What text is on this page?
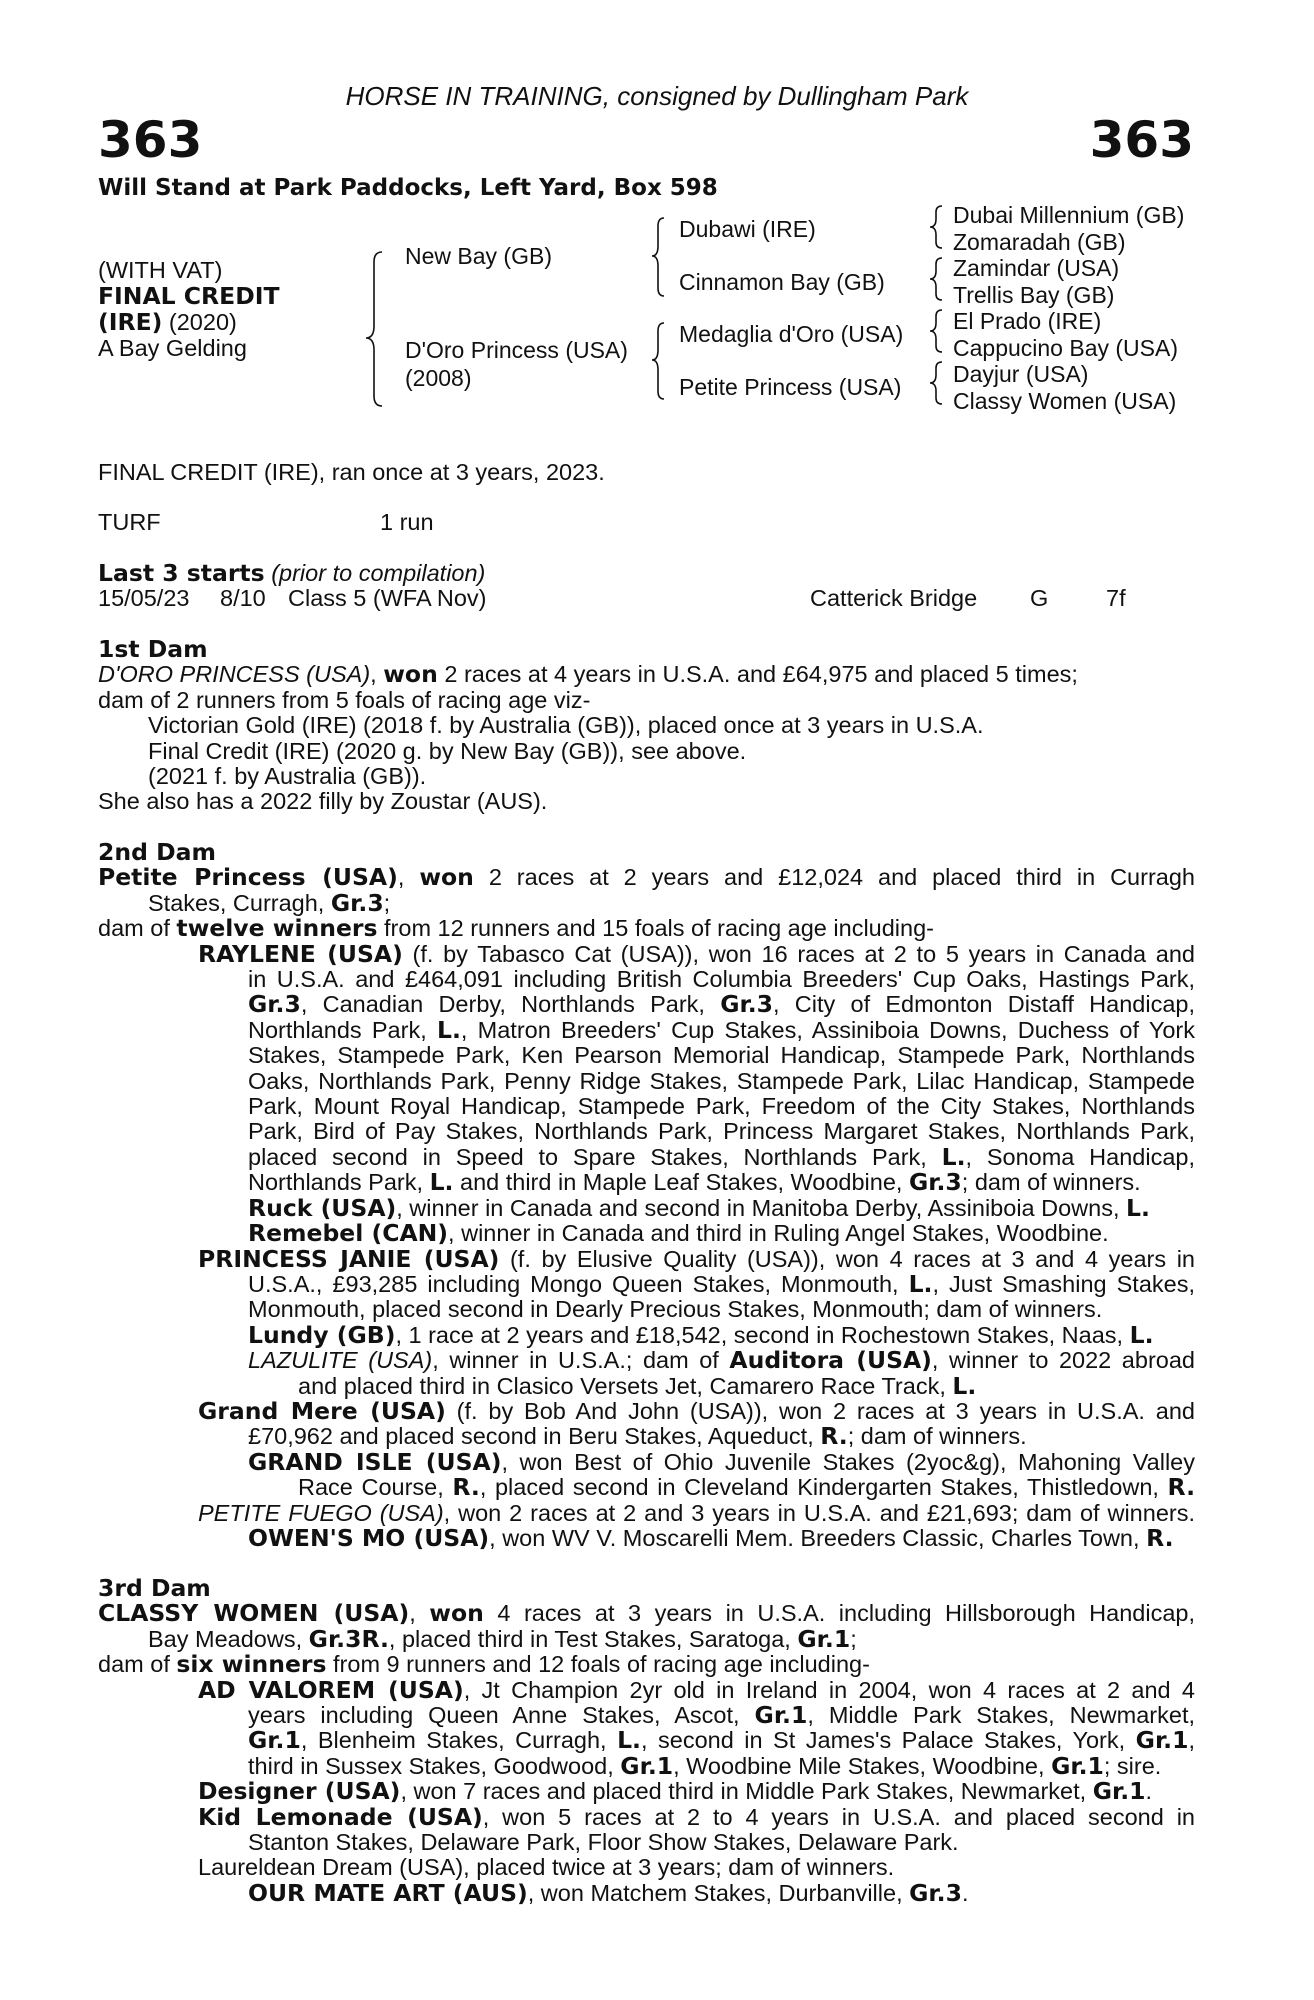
HORSE IN TRAINING, consigned by Dullingham Park
363	363
Will Stand at Park Paddocks, Left Yard, Box 598
(WITH VAT)
FINAL CREDIT
(IRE) (2020)
A Bay Gelding
New Bay (GB)
D'Oro Princess (USA)
(2008)
Dubawi (IRE)
Cinnamon Bay (GB)
Medaglia d'Oro (USA)
Petite Princess (USA)
Dubai Millennium (GB)
Zomaradah (GB)
Zamindar (USA)
Trellis Bay (GB)
El Prado (IRE)
Cappucino Bay (USA)
Dayjur (USA)
Classy Women (USA)
FINAL CREDIT (IRE), ran once at 3 years, 2023.
TURF	1 run
Last 3 starts (prior to compilation)
15/05/23 8/10 Class 5 (WFA Nov)	Catterick Bridge G 7f
1st Dam
D'ORO PRINCESS (USA), won 2 races at 4 years in U.S.A. and £64,975 and placed 5 times;
dam of 2 runners from 5 foals of racing age viz-
Victorian Gold (IRE) (2018 f. by Australia (GB)), placed once at 3 years in U.S.A.
Final Credit (IRE) (2020 g. by New Bay (GB)), see above.
(2021 f. by Australia (GB)).
She also has a 2022 filly by Zoustar (AUS).
2nd Dam
Petite Princess (USA), won 2 races at 2 years and £12,024 and placed third in Curragh
Stakes, Curragh, Gr.3;
dam of twelve winners from 12 runners and 15 foals of racing age including-
RAYLENE (USA) (f. by Tabasco Cat (USA)), won 16 races at 2 to 5 years in Canada and
in U.S.A. and £464,091 including British Columbia Breeders' Cup Oaks, Hastings Park,
Gr.3, Canadian Derby, Northlands Park, Gr.3, City of Edmonton Distaff Handicap,
Northlands Park, L., Matron Breeders' Cup Stakes, Assiniboia Downs, Duchess of York
Stakes, Stampede Park, Ken Pearson Memorial Handicap, Stampede Park, Northlands
Oaks, Northlands Park, Penny Ridge Stakes, Stampede Park, Lilac Handicap, Stampede
Park, Mount Royal Handicap, Stampede Park, Freedom of the City Stakes, Northlands
Park, Bird of Pay Stakes, Northlands Park, Princess Margaret Stakes, Northlands Park,
placed second in Speed to Spare Stakes, Northlands Park, L., Sonoma Handicap,
Northlands Park, L. and third in Maple Leaf Stakes, Woodbine, Gr.3; dam of winners.
Ruck (USA), winner in Canada and second in Manitoba Derby, Assiniboia Downs, L.
Remebel (CAN), winner in Canada and third in Ruling Angel Stakes, Woodbine.
PRINCESS JANIE (USA) (f. by Elusive Quality (USA)), won 4 races at 3 and 4 years in
U.S.A., £93,285 including Mongo Queen Stakes, Monmouth, L., Just Smashing Stakes,
Monmouth, placed second in Dearly Precious Stakes, Monmouth; dam of winners.
Lundy (GB), 1 race at 2 years and £18,542, second in Rochestown Stakes, Naas, L.
LAZULITE (USA), winner in U.S.A.; dam of Auditora (USA), winner to 2022 abroad
and placed third in Clasico Versets Jet, Camarero Race Track, L.
Grand Mere (USA) (f. by Bob And John (USA)), won 2 races at 3 years in U.S.A. and
£70,962 and placed second in Beru Stakes, Aqueduct, R.; dam of winners.
GRAND ISLE (USA), won Best of Ohio Juvenile Stakes (2yoc&g), Mahoning Valley
Race Course, R., placed second in Cleveland Kindergarten Stakes, Thistledown, R.
PETITE FUEGO (USA), won 2 races at 2 and 3 years in U.S.A. and £21,693; dam of winners.
OWEN'S MO (USA), won WV V. Moscarelli Mem. Breeders Classic, Charles Town, R.
3rd Dam
CLASSY WOMEN (USA), won 4 races at 3 years in U.S.A. including Hillsborough Handicap,
Bay Meadows, Gr.3R., placed third in Test Stakes, Saratoga, Gr.1;
dam of six winners from 9 runners and 12 foals of racing age including-
AD VALOREM (USA), Jt Champion 2yr old in Ireland in 2004, won 4 races at 2 and 4
years including Queen Anne Stakes, Ascot, Gr.1, Middle Park Stakes, Newmarket,
Gr.1, Blenheim Stakes, Curragh, L., second in St James's Palace Stakes, York, Gr.1,
third in Sussex Stakes, Goodwood, Gr.1, Woodbine Mile Stakes, Woodbine, Gr.1; sire.
Designer (USA), won 7 races and placed third in Middle Park Stakes, Newmarket, Gr.1.
Kid Lemonade (USA), won 5 races at 2 to 4 years in U.S.A. and placed second in
Stanton Stakes, Delaware Park, Floor Show Stakes, Delaware Park.
Laureldean Dream (USA), placed twice at 3 years; dam of winners.
OUR MATE ART (AUS), won Matchem Stakes, Durbanville, Gr.3.
